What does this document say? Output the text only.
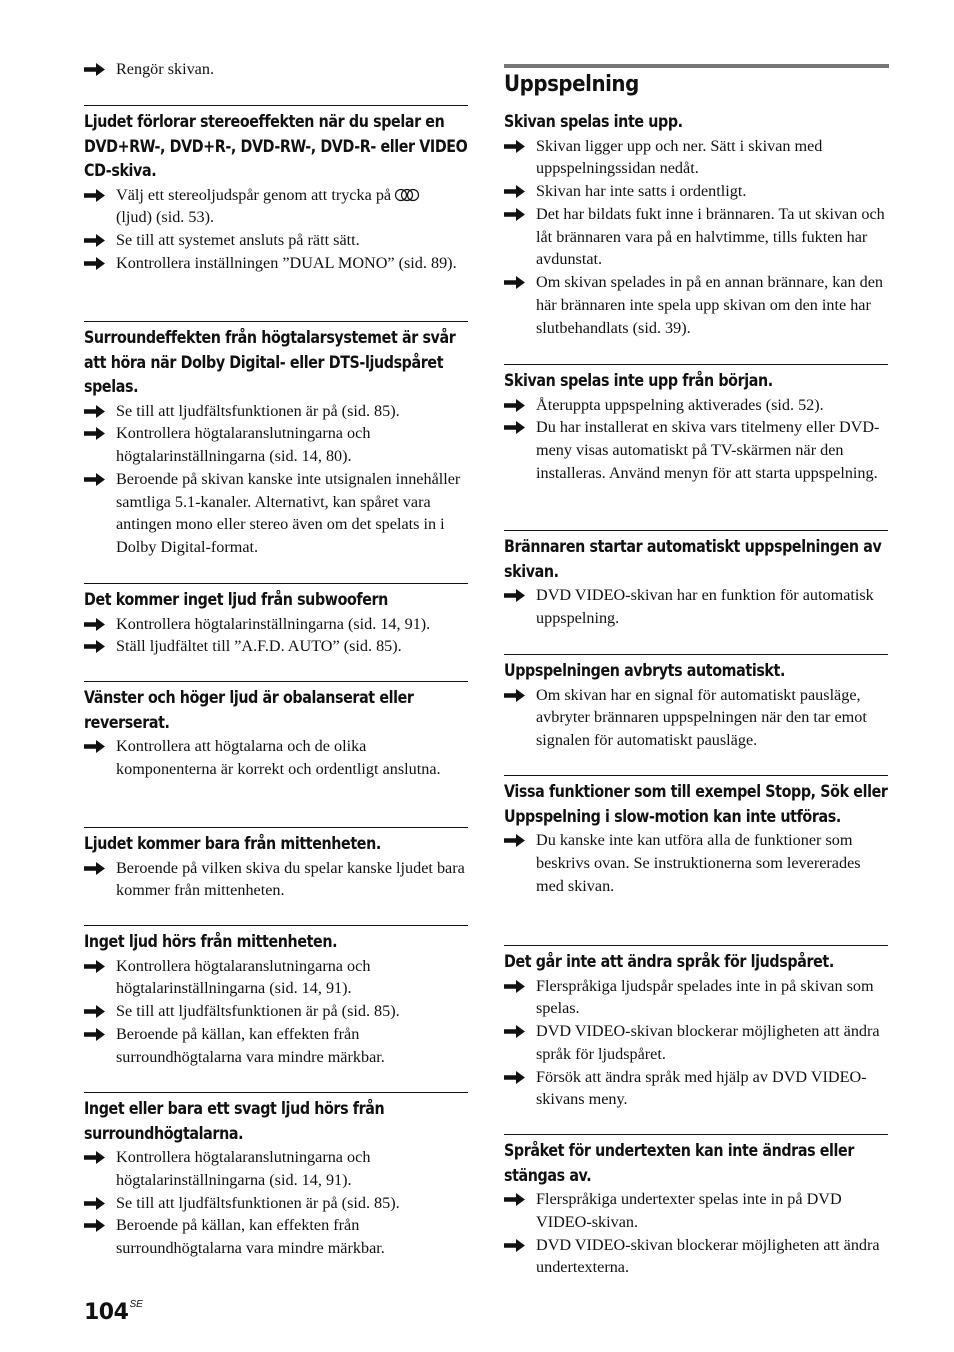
Rengör skivan.

Ljudet förlorar stereoeffekten när du spelar en DVD+RW-, DVD+R-, DVD-RW-, DVD-R- eller VIDEO CD-skiva.

Välj ett stereoljudspår genom att trycka på
(ljud) (sid. 53).

Se till att systemet ansluts på rätt sätt.

Kontrollera inställningen ”DUAL MONO” (sid. 89).

Surroundeffekten från högtalarsystemet är svår att höra när Dolby Digital- eller DTS-ljudspåret spelas.

Se till att ljudfältsfunktionen är på (sid. 85).

Kontrollera högtalaranslutningarna och högtalarinställningarna (sid. 14, 80).

Beroende på skivan kanske inte utsignalen innehåller samtliga 5.1-kanaler. Alternativt, kan spåret vara antingen mono eller stereo även om det spelats in i Dolby Digital-format.

Det kommer inget ljud från subwoofern

Kontrollera högtalarinställningarna (sid. 14, 91).

Ställ ljudfältet till ”A.F.D. AUTO” (sid. 85).

Vänster och höger ljud är obalanserat eller reverserat.

Kontrollera att högtalarna och de olika komponenterna är korrekt och ordentligt anslutna.

Ljudet kommer bara från mittenheten.

Beroende på vilken skiva du spelar kanske ljudet bara kommer från mittenheten.

Inget ljud hörs från mittenheten.

Kontrollera högtalaranslutningarna och högtalarinställningarna (sid. 14, 91).

Se till att ljudfältsfunktionen är på (sid. 85).

Beroende på källan, kan effekten från surroundhögtalarna vara mindre märkbar.

Inget eller bara ett svagt ljud hörs från surroundhögtalarna.

Kontrollera högtalaranslutningarna och högtalarinställningarna (sid. 14, 91).

Se till att ljudfältsfunktionen är på (sid. 85).

Beroende på källan, kan effekten från surroundhögtalarna vara mindre märkbar.

Uppspelning

Skivan spelas inte upp.

Skivan ligger upp och ner. Sätt i skivan med uppspelningssidan nedåt.

Skivan har inte satts i ordentligt.

Det har bildats fukt inne i brännaren. Ta ut skivan och låt brännaren vara på en halvtimme, tills fukten har avdunstat.

Om skivan spelades in på en annan brännare, kan den här brännaren inte spela upp skivan om den inte har slutbehandlats (sid. 39).

Skivan spelas inte upp från början.

Återuppta uppspelning aktiverades (sid. 52).

Du har installerat en skiva vars titelmeny eller DVD-meny visas automatiskt på TV-skärmen när den installeras. Använd menyn för att starta uppspelning.

Brännaren startar automatiskt uppspelningen av skivan.

DVD VIDEO-skivan har en funktion för automatisk uppspelning.

Uppspelningen avbryts automatiskt.

Om skivan har en signal för automatiskt pausläge, avbryter brännaren uppspelningen när den tar emot signalen för automatiskt pausläge.

Vissa funktioner som till exempel Stopp, Sök eller Uppspelning i slow-motion kan inte utföras.

Du kanske inte kan utföra alla de funktioner som beskrivs ovan. Se instruktionerna som levererades med skivan.

Det går inte att ändra språk för ljudspåret.

Flerspråkiga ljudspår spelades inte in på skivan som spelas.

DVD VIDEO-skivan blockerar möjligheten att ändra språk för ljudspåret.

Försök att ändra språk med hjälp av DVD VIDEO-skivans meny.

Språket för undertexten kan inte ändras eller stängas av.

Flerspråkiga undertexter spelas inte in på DVD VIDEO-skivan.

DVD VIDEO-skivan blockerar möjligheten att ändra undertexterna.

$104^{SE}$
